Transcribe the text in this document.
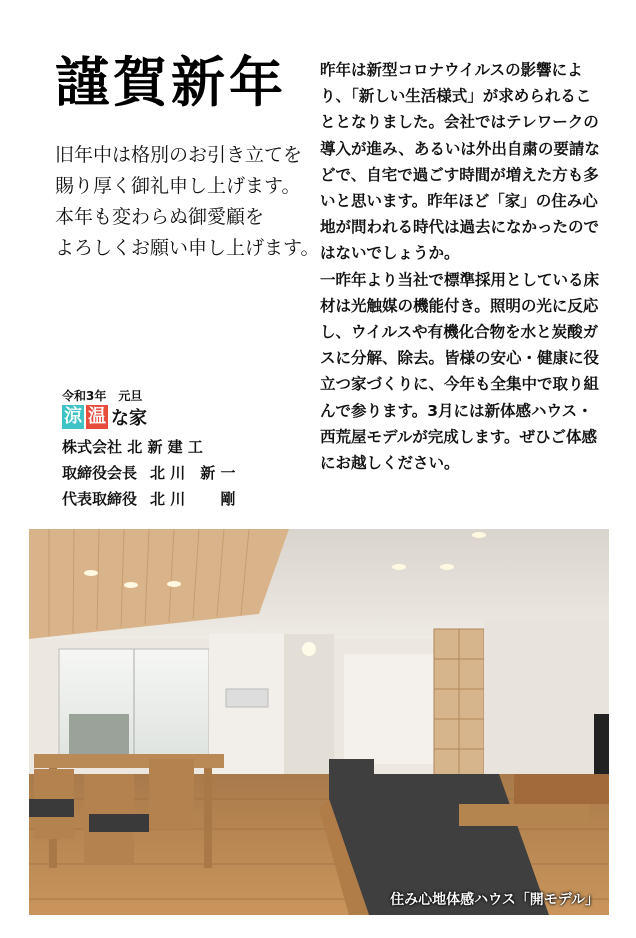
謹賀新年
旧年中は格別のお引き立てを
賜り厚く御礼申し上げます。
本年も変わらぬ御愛顧を
よろしくお願い申し上げます。

昨年は新型コロナウイルスの影響により、「新しい生活様式」が求められることとなりました。会社ではテレワークの導入が進み、あるいは外出自粛の要請などで、自宅で過ごす時間が増えた方も多いと思います。昨年ほど「家」の住み心地が問われる時代は過去になかったのではないでしょうか。

一昨年より当社で標準採用としている床材は光触媒の機能付き。照明の光に反応し、ウイルスや有機化合物を水と炭酸ガスに分解、除去。皆様の安心・健康に役立つ家づくりに、今年も全集中で取り組んで参ります。3月には新体感ハウス・西荒屋モデルが完成します。ぜひご体感にお越しください。

令和3年　元旦
涼 温 な家
株式会社 北 新 建 工
取締役会長 北 川　新 一
代表取締役 北 川　　 剛
住み心地体感ハウス「開モデル」
